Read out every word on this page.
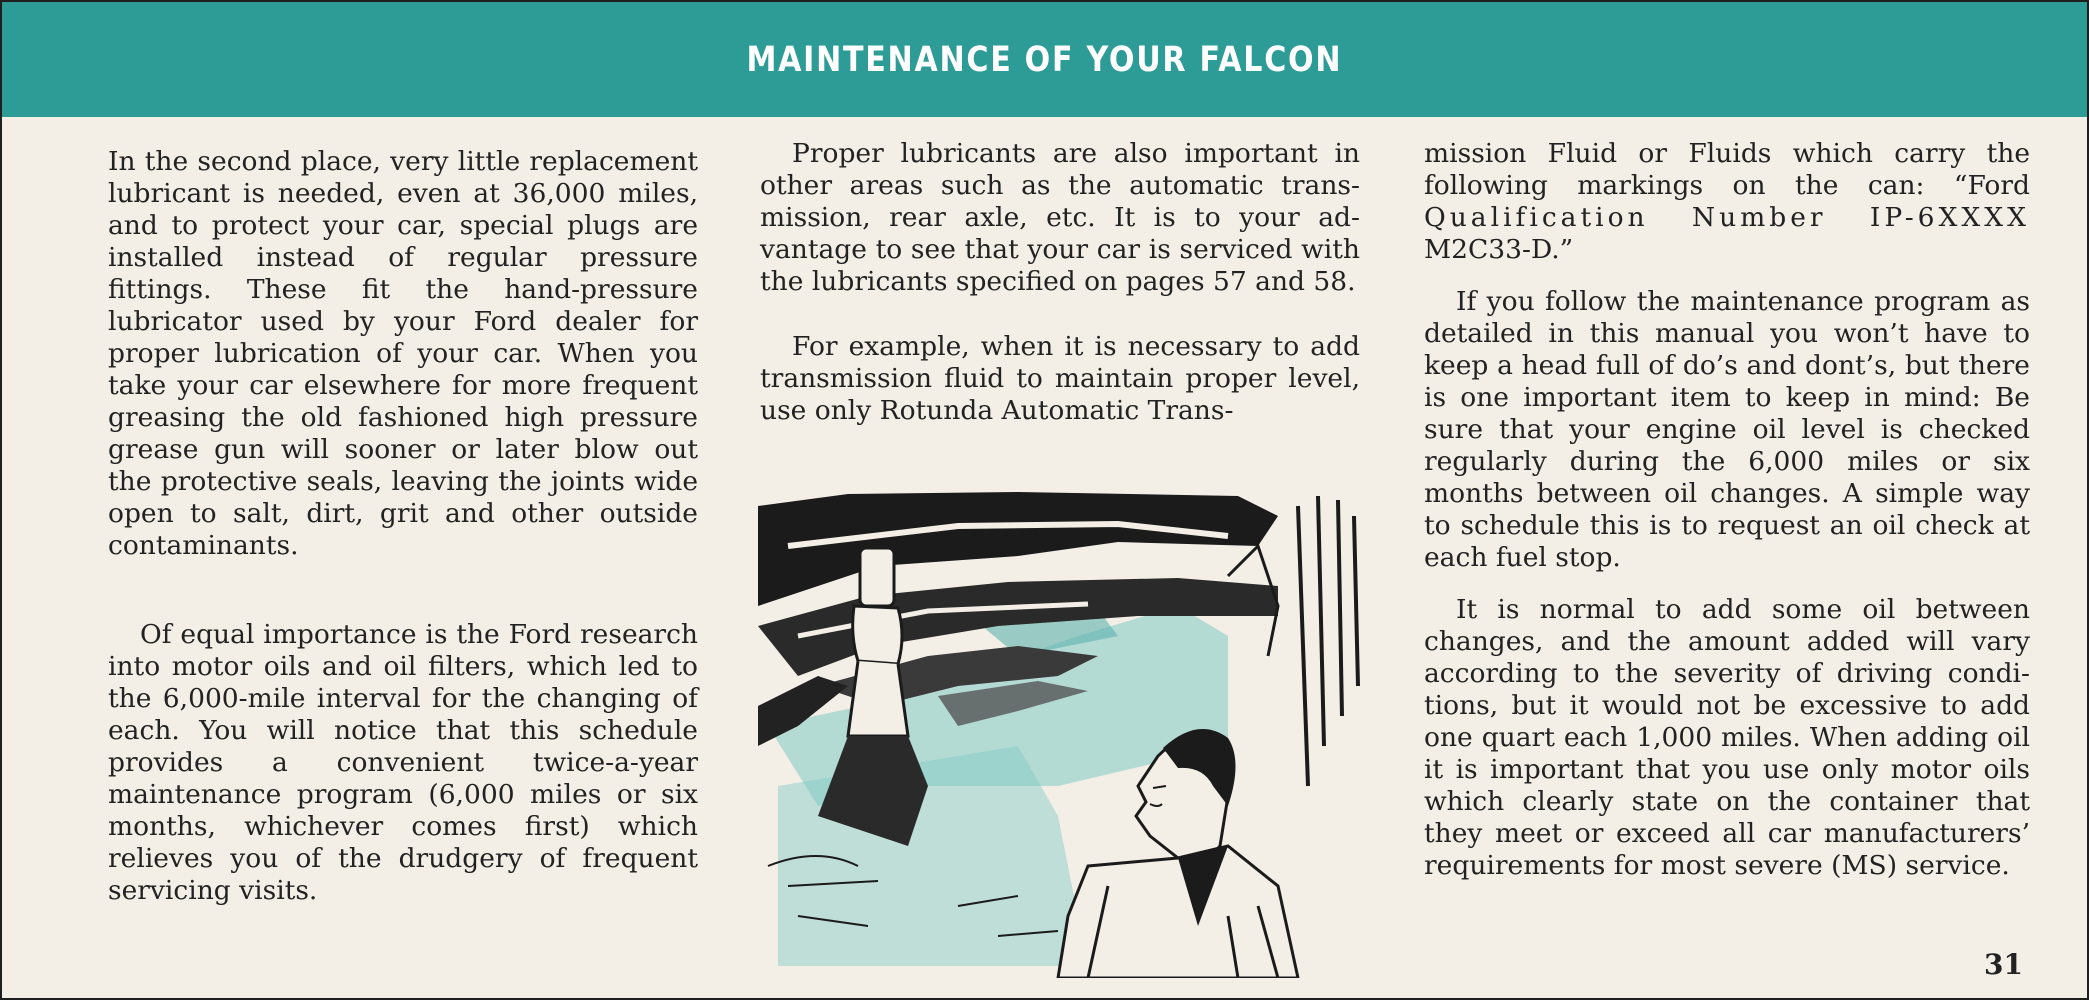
MAINTENANCE OF YOUR FALCON

In the second place, very little replacement lubricant is needed, even at 36,000 miles, and to protect your car, special plugs are installed instead of regular pressure fittings. These fit the hand-pressure lubricator used by your Ford dealer for proper lubrication of your car. When you take your car elsewhere for more frequent greasing the old fashioned high pressure grease gun will sooner or later blow out the protective seals, leaving the joints wide open to salt, dirt, grit and other outside contaminants.

Of equal importance is the Ford research into motor oils and oil filters, which led to the 6,000-mile interval for the changing of each. You will notice that this schedule provides a convenient twice-a-year maintenance program (6,000 miles or six months, whichever comes first) which relieves you of the drudgery of frequent servicing visits.

Proper lubricants are also important in other areas such as the automatic transmission, rear axle, etc. It is to your advantage to see that your car is serviced with the lubricants specified on pages 57 and 58.

For example, when it is necessary to add transmission fluid to maintain proper level, use only Rotunda Automatic Trans-

mission Fluid or Fluids which carry the following markings on the can: “Ford Qualification Number IP-6XXXX M2C33-D.”

If you follow the maintenance program as detailed in this manual you won’t have to keep a head full of do’s and dont’s, but there is one important item to keep in mind: Be sure that your engine oil level is checked regularly during the 6,000 miles or six months between oil changes. A simple way to schedule this is to request an oil check at each fuel stop.

It is normal to add some oil between changes, and the amount added will vary according to the severity of driving conditions, but it would not be excessive to add one quart each 1,000 miles. When adding oil it is important that you use only motor oils which clearly state on the container that they meet or exceed all car manufacturers’ requirements for most severe (MS) service.

31
